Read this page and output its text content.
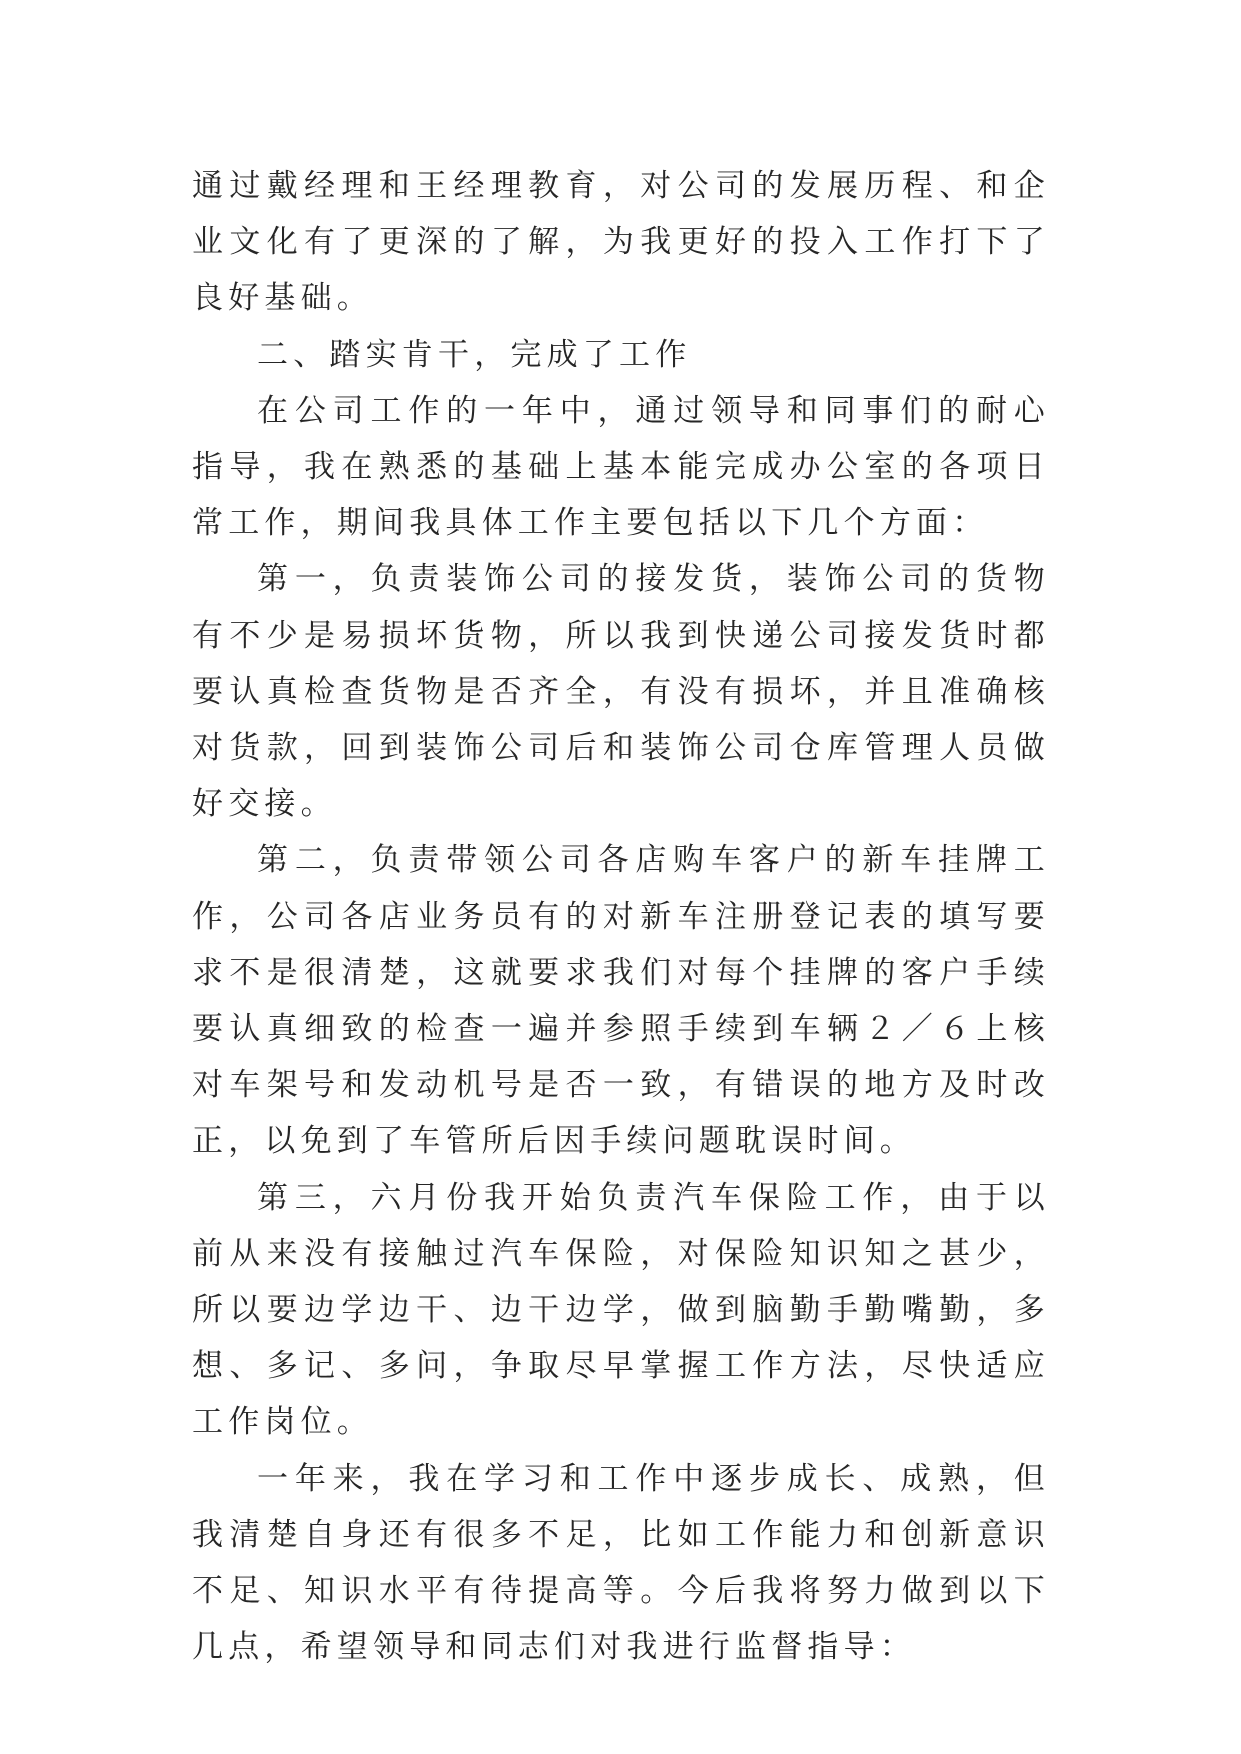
通过戴经理和王经理教育，对公司的发展历程、和企业文化有了更深的了解，为我更好的投入工作打下了良好基础。

二、踏实肯干，完成了工作

在公司工作的一年中，通过领导和同事们的耐心指导，我在熟悉的基础上基本能完成办公室的各项日常工作，期间我具体工作主要包括以下几个方面：

第一，负责装饰公司的接发货，装饰公司的货物有不少是易损坏货物，所以我到快递公司接发货时都要认真检查货物是否齐全，有没有损坏，并且准确核对货款，回到装饰公司后和装饰公司仓库管理人员做好交接。

第二，负责带领公司各店购车客户的新车挂牌工作，公司各店业务员有的对新车注册登记表的填写要求不是很清楚，这就要求我们对每个挂牌的客户手续要认真细致的检查一遍并参照手续到车辆２／６上核对车架号和发动机号是否一致，有错误的地方及时改正，以免到了车管所后因手续问题耽误时间。

第三，六月份我开始负责汽车保险工作，由于以前从来没有接触过汽车保险，对保险知识知之甚少，所以要边学边干、边干边学，做到脑勤手勤嘴勤，多想、多记、多问，争取尽早掌握工作方法，尽快适应工作岗位。

一年来，我在学习和工作中逐步成长、成熟，但我清楚自身还有很多不足，比如工作能力和创新意识不足、知识水平有待提高等。今后我将努力做到以下几点，希望领导和同志们对我进行监督指导：
